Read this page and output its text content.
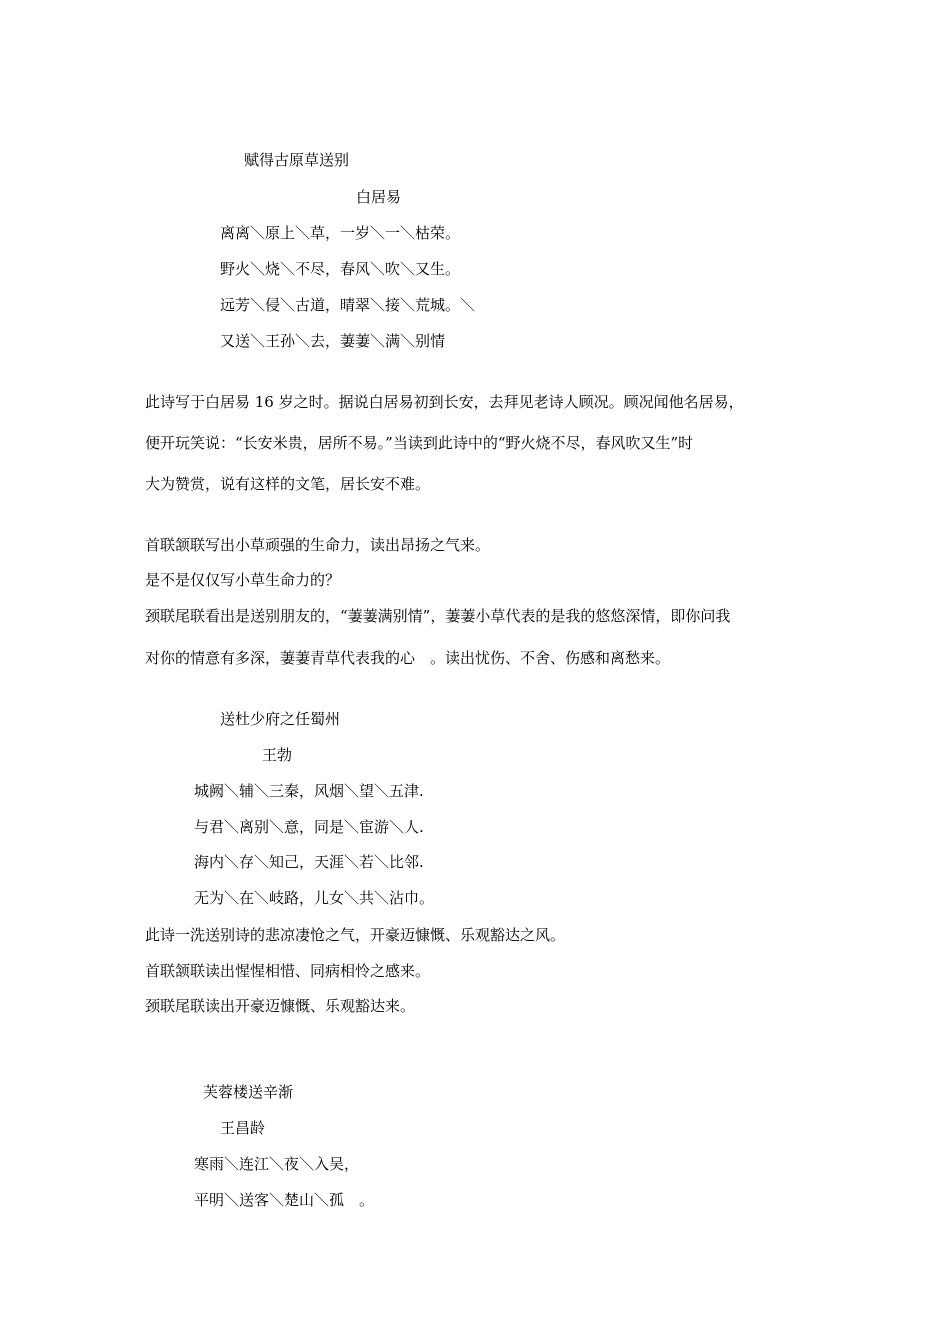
赋得古原草送别

白居易

离离＼原上＼草，一岁＼一＼枯荣。

野火＼烧＼不尽，春风＼吹＼又生。

远芳＼侵＼古道，晴翠＼接＼荒城。＼

又送＼王孙＼去，萋萋＼满＼别情

此诗写于白居易 16 岁之时。据说白居易初到长安，去拜见老诗人顾况。顾况闻他名居易，

便开玩笑说：“长安米贵，居所不易。”当读到此诗中的“野火烧不尽，春风吹又生”时

大为赞赏，说有这样的文笔，居长安不难。

首联颔联写出小草顽强的生命力，读出昂扬之气来。

是不是仅仅写小草生命力的？

颈联尾联看出是送别朋友的，“萋萋满别情”，萋萋小草代表的是我的悠悠深情，即你问我

对你的情意有多深，萋萋青草代表我的心　。读出忧伤、不舍、伤感和离愁来。

送杜少府之任蜀州

王勃

城阙＼辅＼三秦，风烟＼望＼五津.

与君＼离别＼意，同是＼宦游＼人.

海内＼存＼知己，天涯＼若＼比邻.

无为＼在＼岐路，儿女＼共＼沾巾。

此诗一洗送别诗的悲凉凄怆之气，开豪迈慷慨、乐观豁达之风。

首联颔联读出惺惺相惜、同病相怜之感来。

颈联尾联读出开豪迈慷慨、乐观豁达来。

芙蓉楼送辛渐

王昌龄

寒雨＼连江＼夜＼入吴，

平明＼送客＼楚山＼孤　。
